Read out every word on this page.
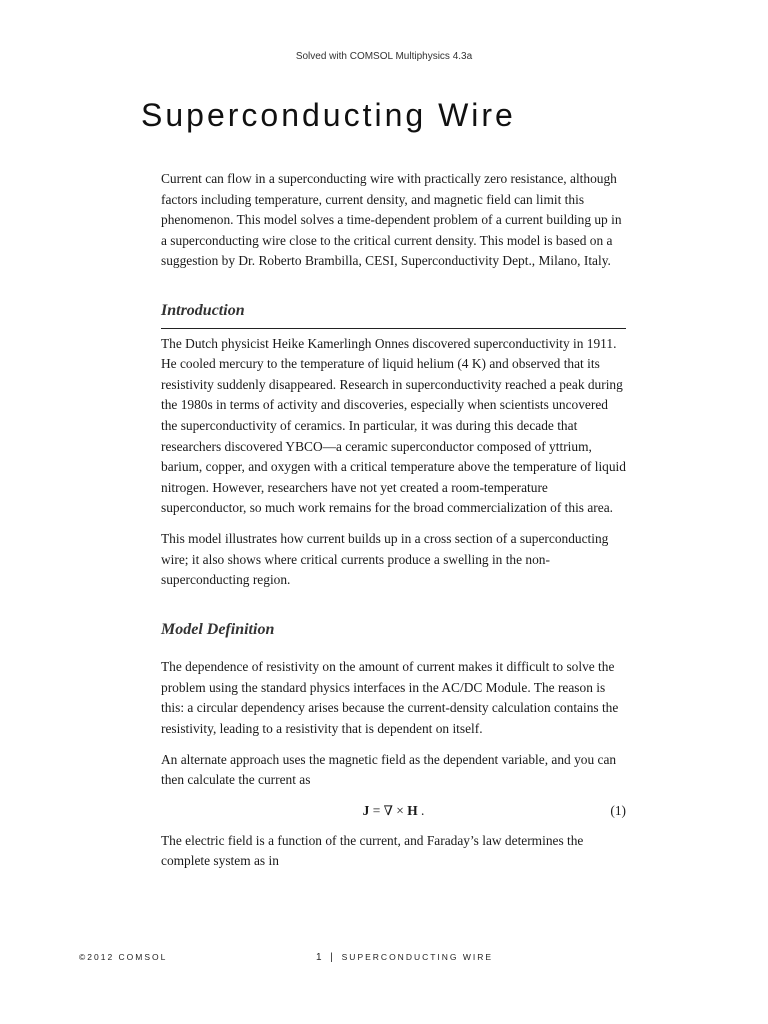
Solved with COMSOL Multiphysics 4.3a
Superconducting Wire

Current can flow in a superconducting wire with practically zero resistance, although factors including temperature, current density, and magnetic field can limit this phenomenon. This model solves a time-dependent problem of a current building up in a superconducting wire close to the critical current density. This model is based on a suggestion by Dr. Roberto Brambilla, CESI, Superconductivity Dept., Milano, Italy.

Introduction

The Dutch physicist Heike Kamerlingh Onnes discovered superconductivity in 1911. He cooled mercury to the temperature of liquid helium (4 K) and observed that its resistivity suddenly disappeared. Research in superconductivity reached a peak during the 1980s in terms of activity and discoveries, especially when scientists uncovered the superconductivity of ceramics. In particular, it was during this decade that researchers discovered YBCO—a ceramic superconductor composed of yttrium, barium, copper, and oxygen with a critical temperature above the temperature of liquid nitrogen. However, researchers have not yet created a room-temperature superconductor, so much work remains for the broad commercialization of this area.

This model illustrates how current builds up in a cross section of a superconducting wire; it also shows where critical currents produce a swelling in the non-superconducting region.

Model Definition

The dependence of resistivity on the amount of current makes it difficult to solve the problem using the standard physics interfaces in the AC/DC Module. The reason is this: a circular dependency arises because the current-density calculation contains the resistivity, leading to a resistivity that is dependent on itself.

An alternate approach uses the magnetic field as the dependent variable, and you can then calculate the current as

J = ∇ × H .	(1)

The electric field is a function of the current, and Faraday’s law determines the complete system as in

©2012 COMSOL	1 | SUPERCONDUCTING WIRE
